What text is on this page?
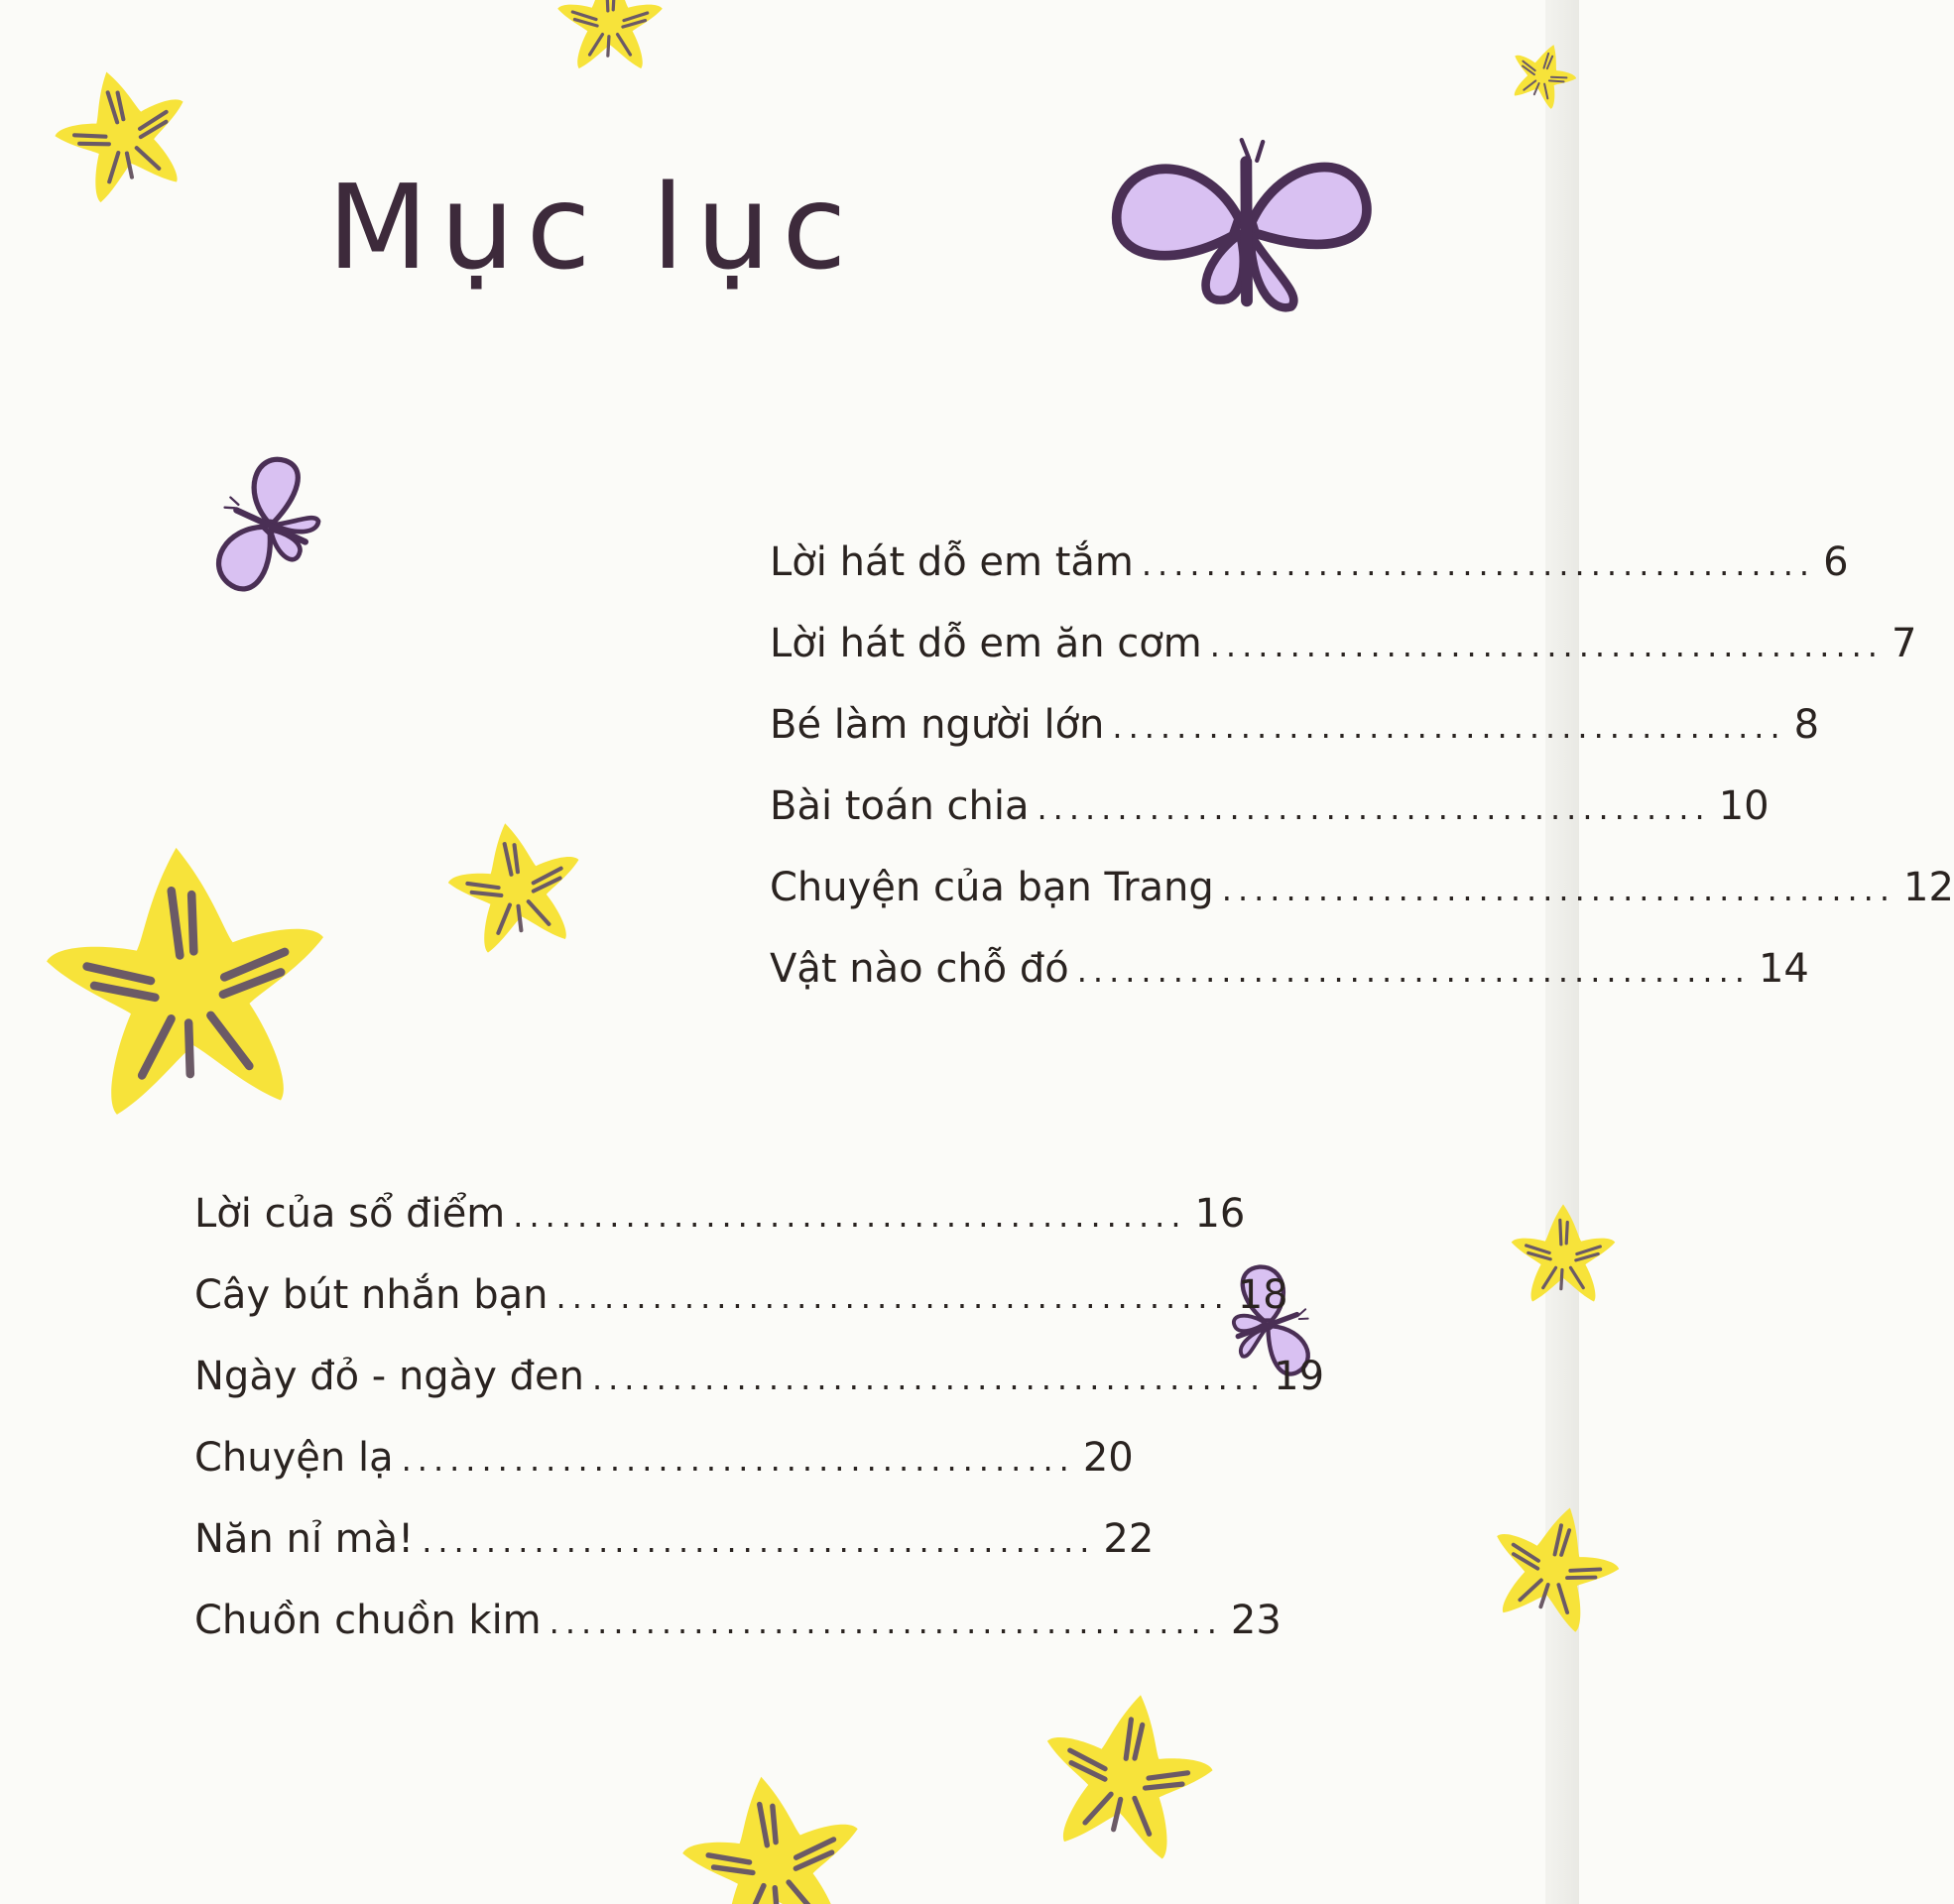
Mục lục
Lời hát dỗ em tắm .......................................... 6
Lời hát dỗ em ăn cơm .......................................... 7
Bé làm người lớn .......................................... 8
Bài toán chia .......................................... 10
Chuyện của bạn Trang .......................................... 12
Vật nào chỗ đó .......................................... 14
Lời của sổ điểm .......................................... 16
Cây bút nhắn bạn .......................................... 18
Ngày đỏ - ngày đen .......................................... 19
Chuyện lạ .......................................... 20
Năn nỉ mà! .......................................... 22
Chuồn chuồn kim .......................................... 23
